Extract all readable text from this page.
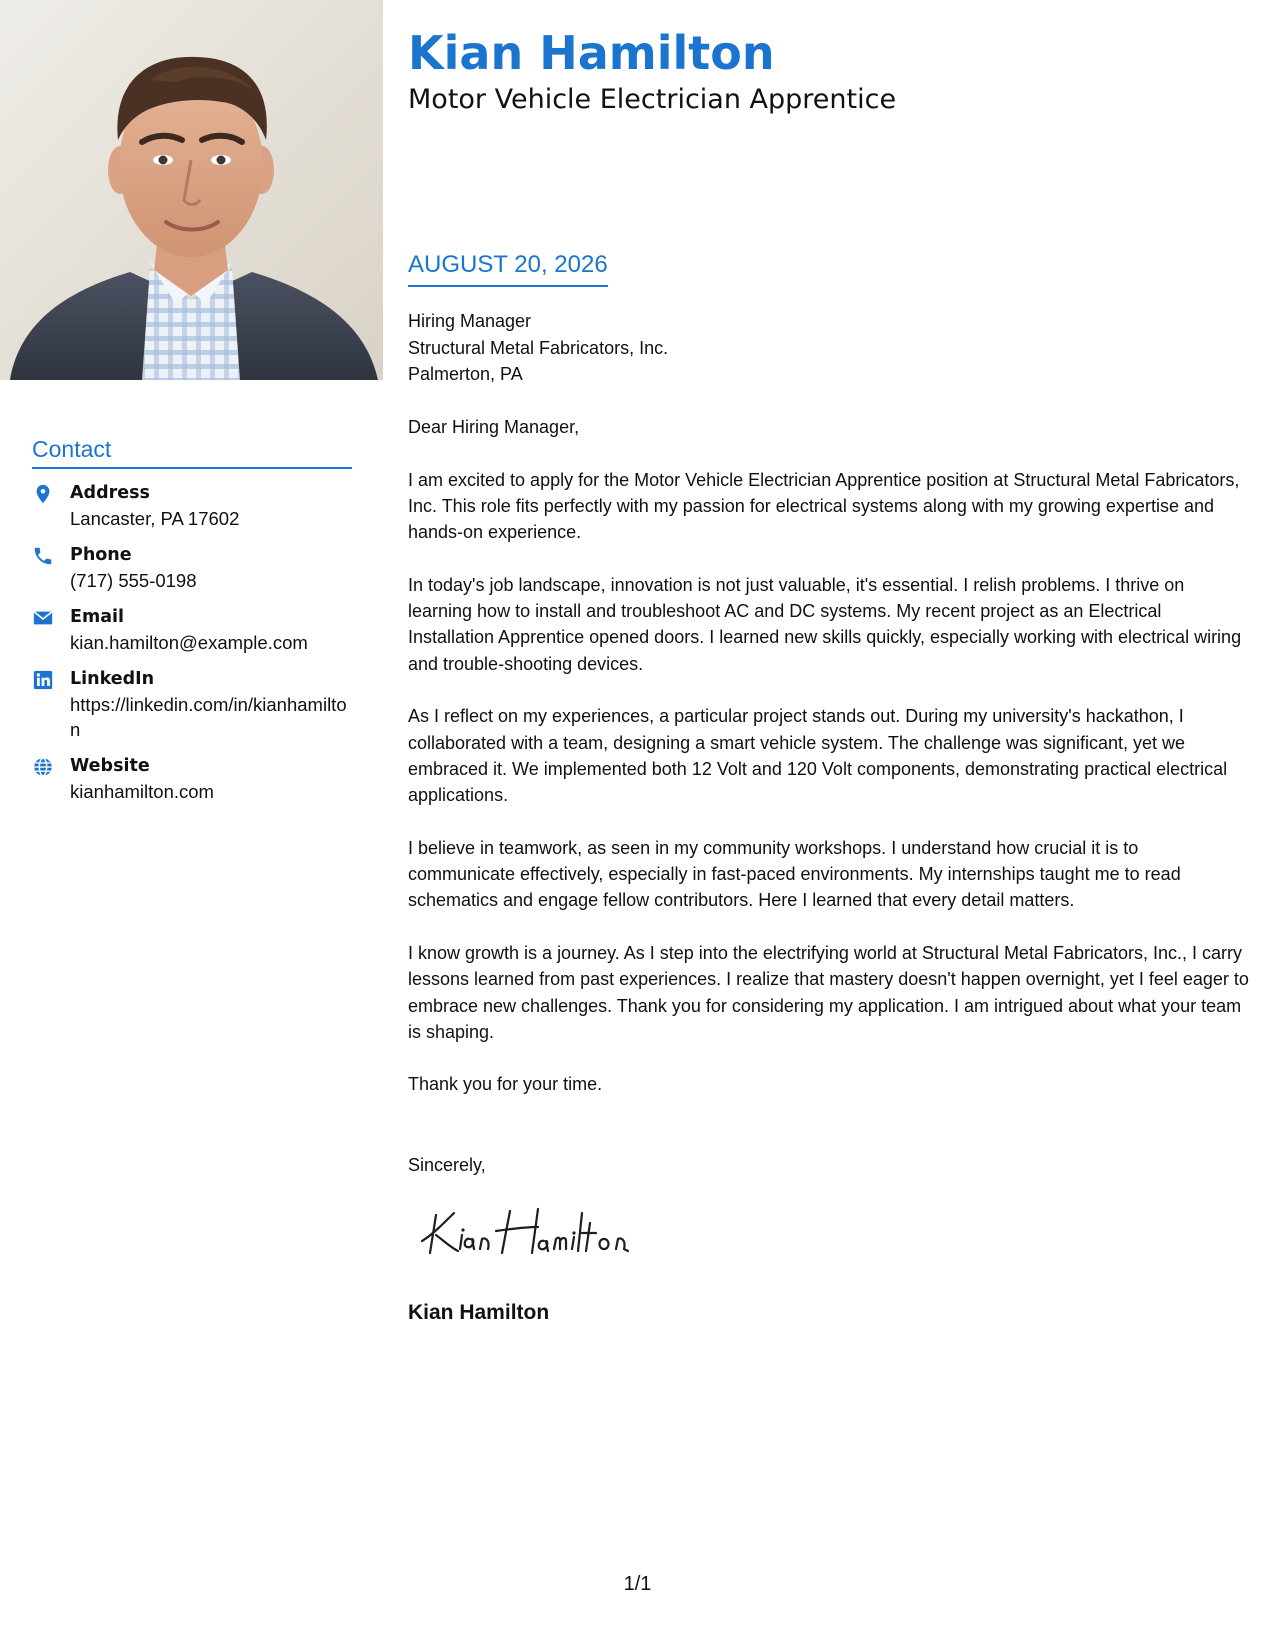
Contact
Address
Lancaster, PA 17602
Phone
(717) 555-0198
Email
kian.hamilton@example.com
LinkedIn
https://linkedin.com/in/kianhamilton
Website
kianhamilton.com
Kian Hamilton
Motor Vehicle Electrician Apprentice
AUGUST 20, 2026
Hiring Manager
Structural Metal Fabricators, Inc.
Palmerton, PA

Dear Hiring Manager,

I am excited to apply for the Motor Vehicle Electrician Apprentice position at Structural Metal Fabricators, Inc. This role fits perfectly with my passion for electrical systems along with my growing expertise and hands-on experience.

In today's job landscape, innovation is not just valuable, it's essential. I relish problems. I thrive on learning how to install and troubleshoot AC and DC systems. My recent project as an Electrical Installation Apprentice opened doors. I learned new skills quickly, especially working with electrical wiring and trouble-shooting devices.

As I reflect on my experiences, a particular project stands out. During my university's hackathon, I collaborated with a team, designing a smart vehicle system. The challenge was significant, yet we embraced it. We implemented both 12 Volt and 120 Volt components, demonstrating practical electrical applications.

I believe in teamwork, as seen in my community workshops. I understand how crucial it is to communicate effectively, especially in fast-paced environments. My internships taught me to read schematics and engage fellow contributors. Here I learned that every detail matters.

I know growth is a journey. As I step into the electrifying world at Structural Metal Fabricators, Inc., I carry lessons learned from past experiences. I realize that mastery doesn't happen overnight, yet I feel eager to embrace new challenges. Thank you for considering my application. I am intrigued about what your team is shaping.

Thank you for your time.

Sincerely,
Kian Hamilton
1/1
